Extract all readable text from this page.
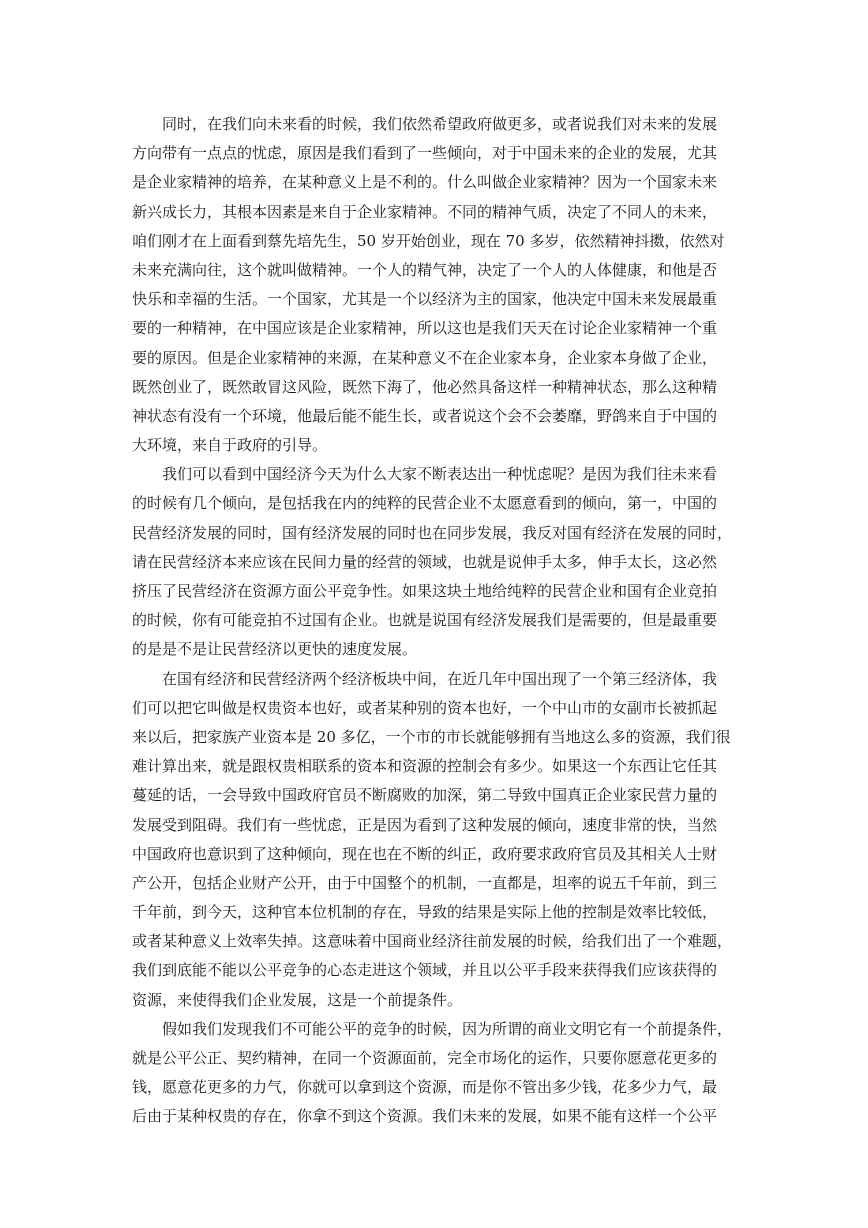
同时，在我们向未来看的时候，我们依然希望政府做更多，或者说我们对未来的发展
方向带有一点点的忧虑，原因是我们看到了一些倾向，对于中国未来的企业的发展，尤其
是企业家精神的培养，在某种意义上是不利的。什么叫做企业家精神？因为一个国家未来
新兴成长力，其根本因素是来自于企业家精神。不同的精神气质，决定了不同人的未来，
咱们刚才在上面看到蔡先培先生，50 岁开始创业，现在 70 多岁，依然精神抖擞，依然对
未来充满向往，这个就叫做精神。一个人的精气神，决定了一个人的人体健康，和他是否
快乐和幸福的生活。一个国家，尤其是一个以经济为主的国家，他决定中国未来发展最重
要的一种精神，在中国应该是企业家精神，所以这也是我们天天在讨论企业家精神一个重
要的原因。但是企业家精神的来源，在某种意义不在企业家本身，企业家本身做了企业，
既然创业了，既然敢冒这风险，既然下海了，他必然具备这样一种精神状态，那么这种精
神状态有没有一个环境，他最后能不能生长，或者说这个会不会萎靡，野鸽来自于中国的
大环境，来自于政府的引导。
我们可以看到中国经济今天为什么大家不断表达出一种忧虑呢？是因为我们往未来看
的时候有几个倾向，是包括我在内的纯粹的民营企业不太愿意看到的倾向，第一，中国的
民营经济发展的同时，国有经济发展的同时也在同步发展，我反对国有经济在发展的同时，
请在民营经济本来应该在民间力量的经营的领域，也就是说伸手太多，伸手太长，这必然
挤压了民营经济在资源方面公平竞争性。如果这块土地给纯粹的民营企业和国有企业竞拍
的时候，你有可能竞拍不过国有企业。也就是说国有经济发展我们是需要的，但是最重要
的是是不是让民营经济以更快的速度发展。
在国有经济和民营经济两个经济板块中间，在近几年中国出现了一个第三经济体，我
们可以把它叫做是权贵资本也好，或者某种别的资本也好，一个中山市的女副市长被抓起
来以后，把家族产业资本是 20 多亿，一个市的市长就能够拥有当地这么多的资源，我们很
难计算出来，就是跟权贵相联系的资本和资源的控制会有多少。如果这一个东西让它任其
蔓延的话，一会导致中国政府官员不断腐败的加深，第二导致中国真正企业家民营力量的
发展受到阻碍。我们有一些忧虑，正是因为看到了这种发展的倾向，速度非常的快，当然
中国政府也意识到了这种倾向，现在也在不断的纠正，政府要求政府官员及其相关人士财
产公开，包括企业财产公开，由于中国整个的机制，一直都是，坦率的说五千年前，到三
千年前，到今天，这种官本位机制的存在，导致的结果是实际上他的控制是效率比较低，
或者某种意义上效率失掉。这意味着中国商业经济往前发展的时候，给我们出了一个难题，
我们到底能不能以公平竞争的心态走进这个领域，并且以公平手段来获得我们应该获得的
资源，来使得我们企业发展，这是一个前提条件。
假如我们发现我们不可能公平的竞争的时候，因为所谓的商业文明它有一个前提条件，
就是公平公正、契约精神，在同一个资源面前，完全市场化的运作，只要你愿意花更多的
钱，愿意花更多的力气，你就可以拿到这个资源，而是你不管出多少钱，花多少力气，最
后由于某种权贵的存在，你拿不到这个资源。我们未来的发展，如果不能有这样一个公平
